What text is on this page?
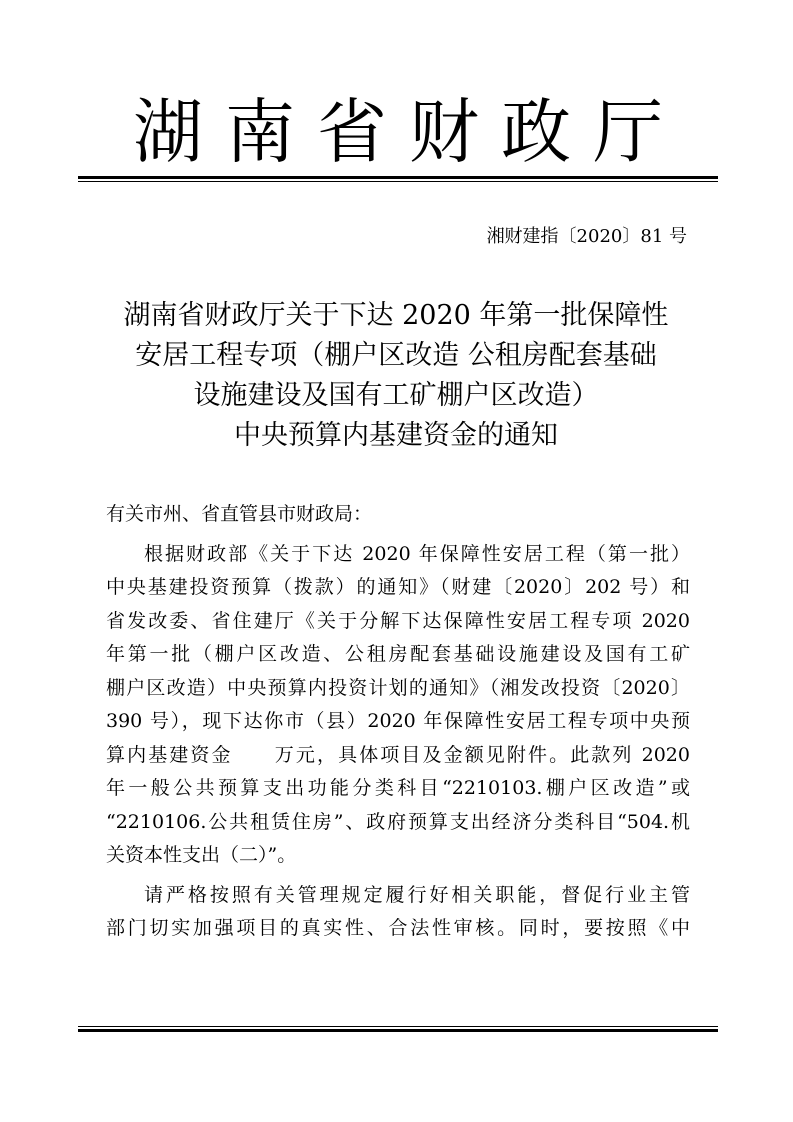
湖南省财政厅
湘财建指〔2020〕81 号
湖南省财政厅关于下达 2020 年第一批保障性
安居工程专项（棚户区改造 公租房配套基础
设施建设及国有工矿棚户区改造）
中央预算内基建资金的通知
有关市州、省直管县市财政局：
根据财政部《关于下达 2020 年保障性安居工程（第一批）
中央基建投资预算（拨款）的通知》（财建〔2020〕202 号）和
省发改委、省住建厅《关于分解下达保障性安居工程专项 2020
年第一批（棚户区改造、公租房配套基础设施建设及国有工矿
棚户区改造）中央预算内投资计划的通知》（湘发改投资〔2020〕
390 号），现下达你市（县）2020 年保障性安居工程专项中央预
算内基建资金　　万元，具体项目及金额见附件。此款列 2020
年一般公共预算支出功能分类科目“2210103.棚户区改造”或
“2210106.公共租赁住房”、政府预算支出经济分类科目“504.机
关资本性支出（二）”。
请严格按照有关管理规定履行好相关职能，督促行业主管
部门切实加强项目的真实性、合法性审核。同时，要按照《中
